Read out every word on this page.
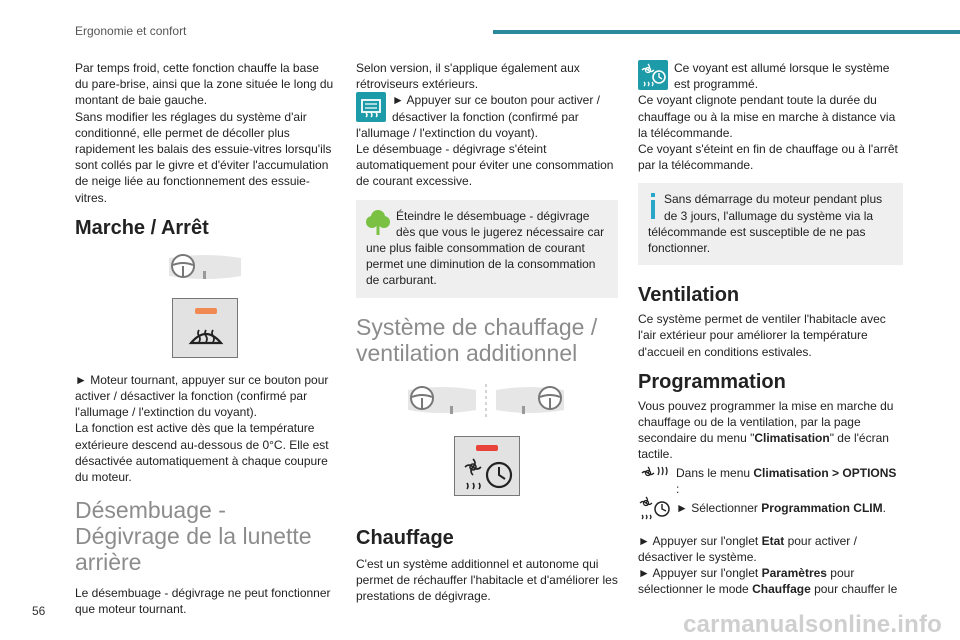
Ergonomie et confort

Par temps froid, cette fonction chauffe la base du pare-brise, ainsi que la zone située le long du montant de baie gauche.

Sans modifier les réglages du système d'air conditionné, elle permet de décoller plus rapidement les balais des essuie-vitres lorsqu'ils sont collés par le givre et d'éviter l'accumulation de neige liée au fonctionnement des essuie-vitres.

Marche / Arrêt

► Moteur tournant, appuyer sur ce bouton pour activer / désactiver la fonction (confirmé par l'allumage / l'extinction du voyant).

La fonction est active dès que la température extérieure descend au-dessous de 0°C. Elle est désactivée automatiquement à chaque coupure du moteur.

Désembuage - Dégivrage de la lunette arrière

Le désembuage - dégivrage ne peut fonctionner que moteur tournant.

Selon version, il s'applique également aux rétroviseurs extérieurs.

► Appuyer sur ce bouton pour activer / désactiver la fonction (confirmé par l'allumage / l'extinction du voyant).

Le désembuage - dégivrage s'éteint automatiquement pour éviter une consommation de courant excessive.

Éteindre le désembuage - dégivrage dès que vous le jugerez nécessaire car une plus faible consommation de courant permet une diminution de la consommation de carburant.

Système de chauffage / ventilation additionnel
Chauffage

C'est un système additionnel et autonome qui permet de réchauffer l'habitacle et d'améliorer les prestations de dégivrage.

Ce voyant est allumé lorsque le système est programmé.

Ce voyant clignote pendant toute la durée du chauffage ou à la mise en marche à distance via la télécommande.

Ce voyant s'éteint en fin de chauffage ou à l'arrêt par la télécommande.

Sans démarrage du moteur pendant plus de 3 jours, l'allumage du système via la télécommande est susceptible de ne pas fonctionner.

Ventilation

Ce système permet de ventiler l'habitacle avec l'air extérieur pour améliorer la température d'accueil en conditions estivales.

Programmation

Vous pouvez programmer la mise en marche du chauffage ou de la ventilation, par la page secondaire du menu "Climatisation" de l'écran tactile.

Dans le menu Climatisation > OPTIONS :

► Sélectionner Programmation CLIM.

► Appuyer sur l'onglet Etat pour activer / désactiver le système.

► Appuyer sur l'onglet Paramètres pour sélectionner le mode Chauffage pour chauffer le

56	carmanualsonline.info
